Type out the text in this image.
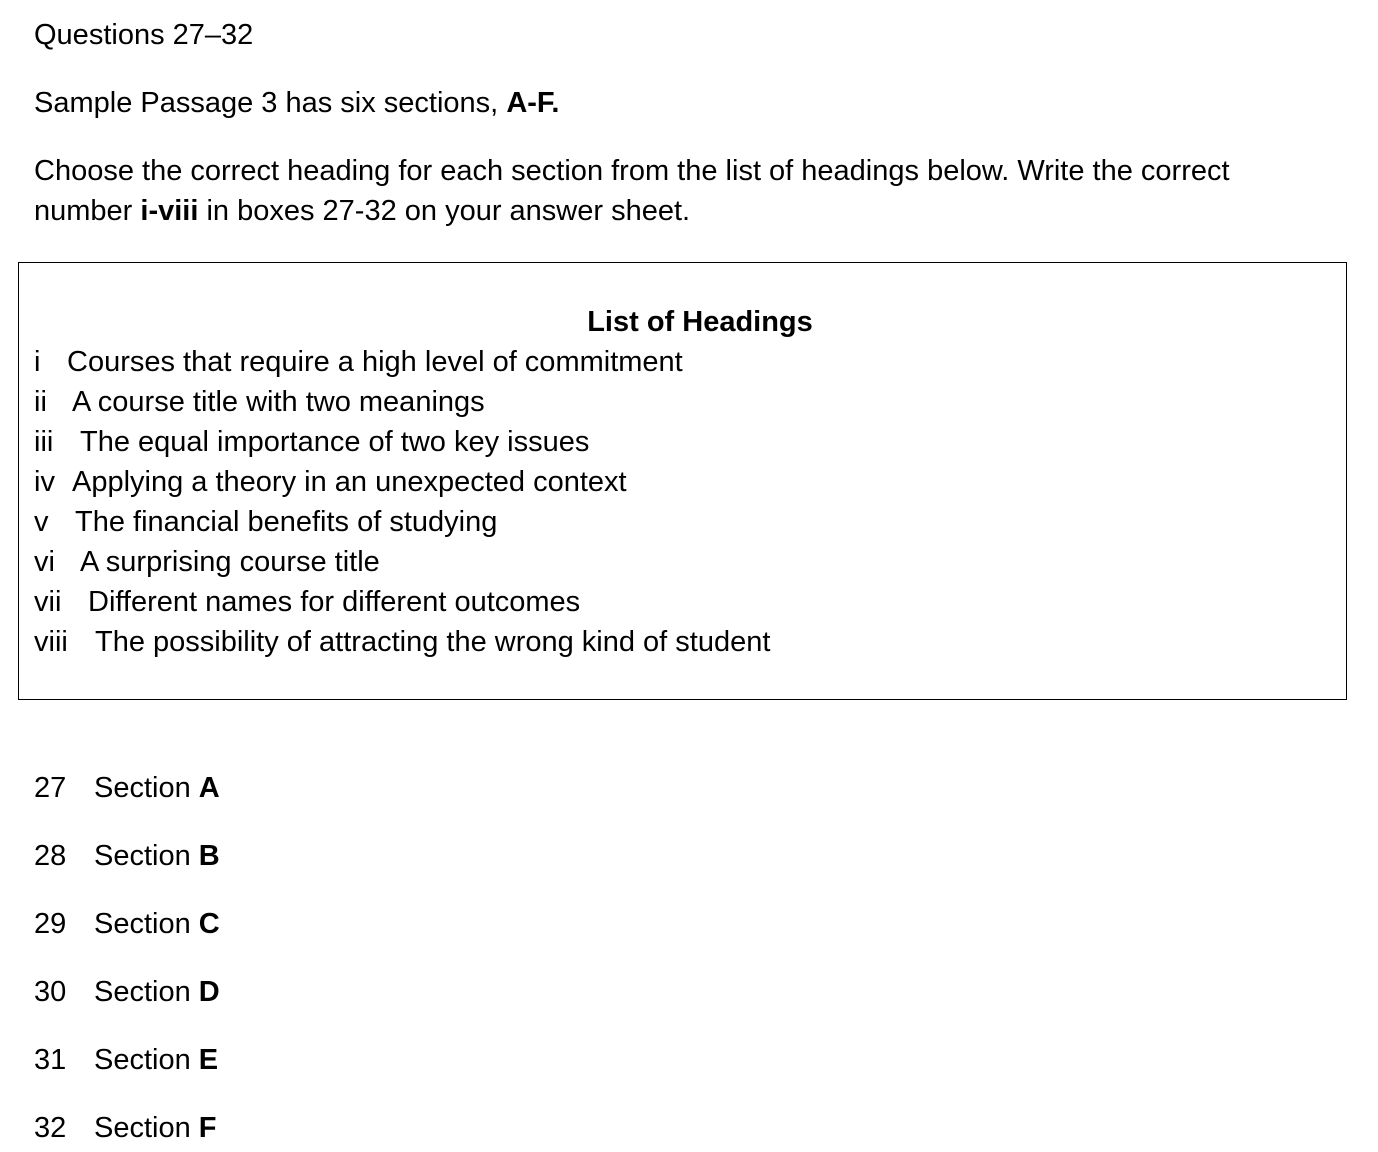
Questions 27–32
Sample Passage 3 has six sections, A-F.
Choose the correct heading for each section from the list of headings below. Write the correct
number i-viii in boxes 27-32 on your answer sheet.
List of Headings
i Courses that require a high level of commitment
ii A course title with two meanings
iii The equal importance of two key issues
iv Applying a theory in an unexpected context
v The financial benefits of studying
vi A surprising course title
vii Different names for different outcomes
viii The possibility of attracting the wrong kind of student
27 Section A
28 Section B
29 Section C
30 Section D
31 Section E
32 Section F
